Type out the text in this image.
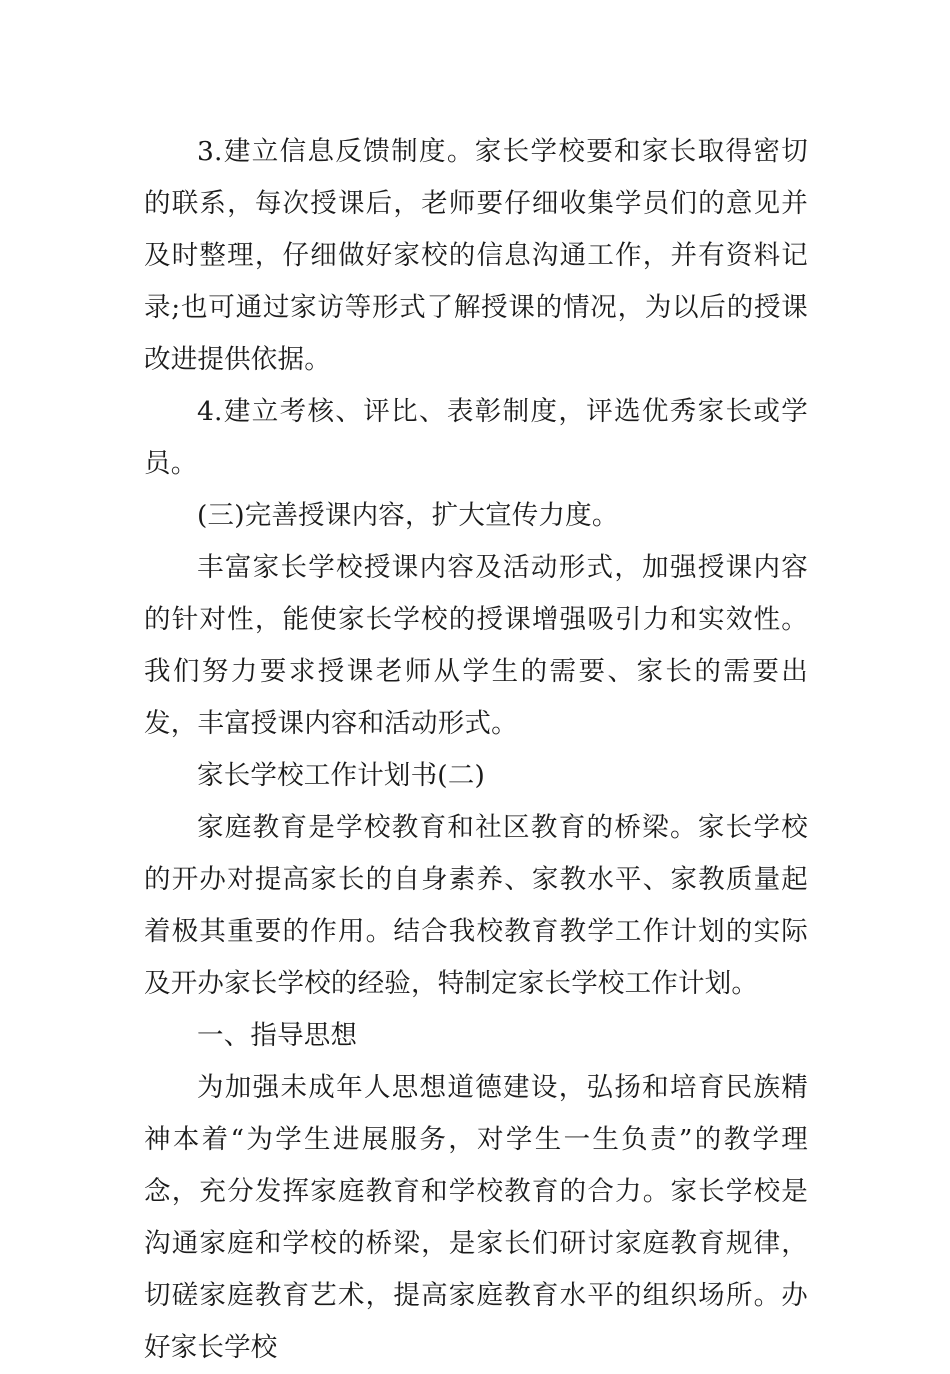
3.建立信息反馈制度。家长学校要和家长取得密切的联系，每次授课后，老师要仔细收集学员们的意见并及时整理，仔细做好家校的信息沟通工作，并有资料记录;也可通过家访等形式了解授课的情况，为以后的授课改进提供依据。

4.建立考核、评比、表彰制度，评选优秀家长或学员。

(三)完善授课内容，扩大宣传力度。

丰富家长学校授课内容及活动形式，加强授课内容的针对性，能使家长学校的授课增强吸引力和实效性。我们努力要求授课老师从学生的需要、家长的需要出发，丰富授课内容和活动形式。

家长学校工作计划书(二)

家庭教育是学校教育和社区教育的桥梁。家长学校的开办对提高家长的自身素养、家教水平、家教质量起着极其重要的作用。结合我校教育教学工作计划的实际及开办家长学校的经验，特制定家长学校工作计划。

一、指导思想

为加强未成年人思想道德建设，弘扬和培育民族精神本着“为学生进展服务，对学生一生负责”的教学理念，充分发挥家庭教育和学校教育的合力。家长学校是沟通家庭和学校的桥梁，是家长们研讨家庭教育规律，切磋家庭教育艺术，提高家庭教育水平的组织场所。办好家长学校
